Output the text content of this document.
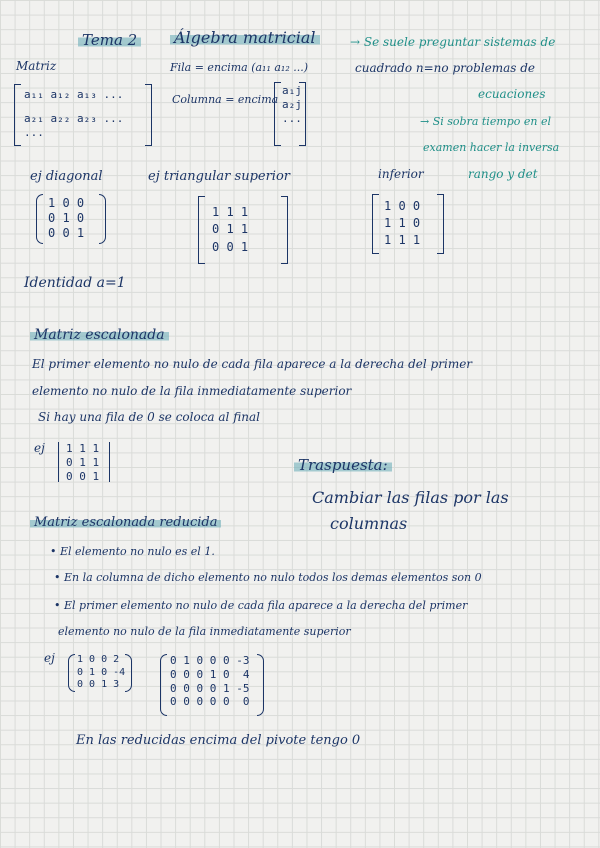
Tema 2 Álgebra matricial	→ Se suele preguntar sistemas de
cuadrado n=no problemas de
ecuaciones
→ Si sobra tiempo en el
examen hacer la inversa
rango y det
Matriz
a₁₁ a₁₂ a₁₃ ...
a₂₁ a₂₂ a₂₃ ...
...
Fila = encima (a₁₁ a₁₂ ...)
Columna = encima
a₁j
a₂j
...
ej diagonal
1 0 0
0 1 0
0 0 1
ej triangular superior
1 1 1
0 1 1
0 0 1
inferior
1 0 0
1 1 0
1 1 1
Identidad a=1
Matriz escalonada
El primer elemento no nulo de cada fila aparece a la derecha del primer
elemento no nulo de la fila inmediatamente superior
Si hay una fila de 0 se coloca al final
ej 1 1 1
0 1 1
0 0 1
Traspuesta:
Cambiar las filas por las
columnas
Matriz escalonada reducida
• El elemento no nulo es el 1.
• En la columna de dicho elemento no nulo todos los demas elementos son 0
• El primer elemento no nulo de cada fila aparece a la derecha del primer
elemento no nulo de la fila inmediatamente superior
ej 1 0 0 2
0 1 0 -4
0 0 1 3
0 1 0 0 0 -3
0 0 0 1 0  4
0 0 0 0 1 -5
0 0 0 0 0  0
En las reducidas encima del pivote tengo 0
